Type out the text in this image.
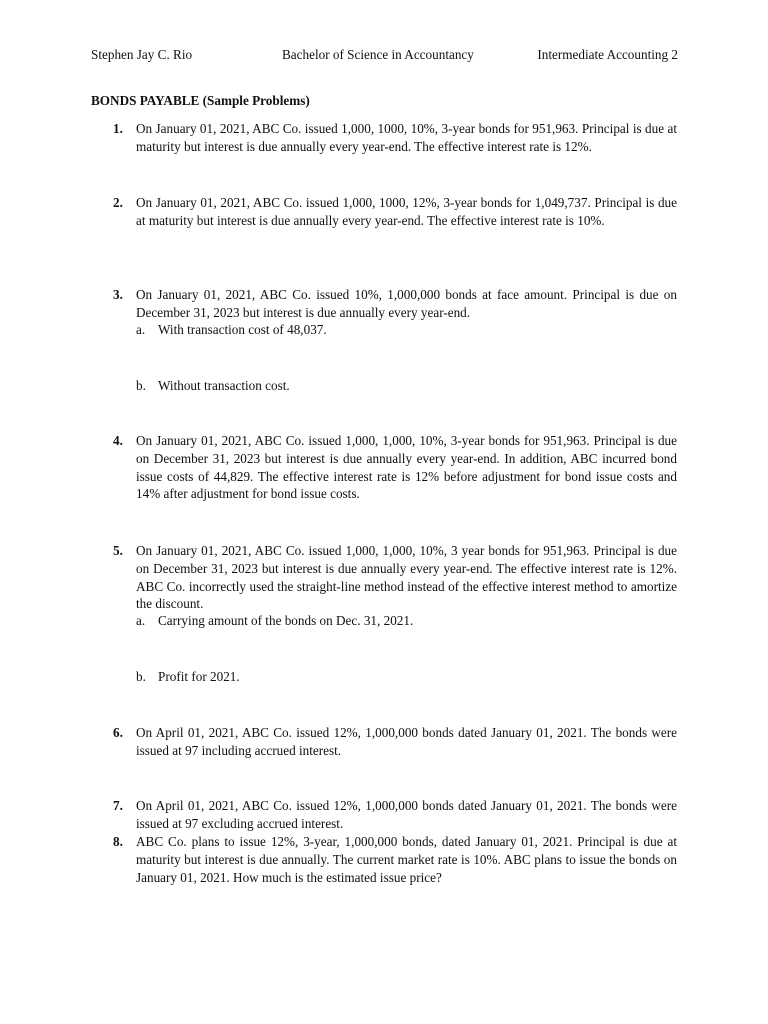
Stephen Jay C. Rio	Bachelor of Science in Accountancy	Intermediate Accounting 2
BONDS PAYABLE (Sample Problems)
1. On January 01, 2021, ABC Co. issued 1,000, 1000, 10%, 3-year bonds for 951,963. Principal is due at maturity but interest is due annually every year-end. The effective interest rate is 12%.
2. On January 01, 2021, ABC Co. issued 1,000, 1000, 12%, 3-year bonds for 1,049,737. Principal is due at maturity but interest is due annually every year-end. The effective interest rate is 10%.
3. On January 01, 2021, ABC Co. issued 10%, 1,000,000 bonds at face amount. Principal is due on December 31, 2023 but interest is due annually every year-end.
a. With transaction cost of 48,037.
b. Without transaction cost.
4. On January 01, 2021, ABC Co. issued 1,000, 1,000, 10%, 3-year bonds for 951,963. Principal is due on December 31, 2023 but interest is due annually every year-end. In addition, ABC incurred bond issue costs of 44,829. The effective interest rate is 12% before adjustment for bond issue costs and 14% after adjustment for bond issue costs.
5. On January 01, 2021, ABC Co. issued 1,000, 1,000, 10%, 3 year bonds for 951,963. Principal is due on December 31, 2023 but interest is due annually every year-end. The effective interest rate is 12%. ABC Co. incorrectly used the straight-line method instead of the effective interest method to amortize the discount.
a. Carrying amount of the bonds on Dec. 31, 2021.
b. Profit for 2021.
6. On April 01, 2021, ABC Co. issued 12%, 1,000,000 bonds dated January 01, 2021. The bonds were issued at 97 including accrued interest.
7. On April 01, 2021, ABC Co. issued 12%, 1,000,000 bonds dated January 01, 2021. The bonds were issued at 97 excluding accrued interest.
8. ABC Co. plans to issue 12%, 3-year, 1,000,000 bonds, dated January 01, 2021. Principal is due at maturity but interest is due annually. The current market rate is 10%. ABC plans to issue the bonds on January 01, 2021. How much is the estimated issue price?
